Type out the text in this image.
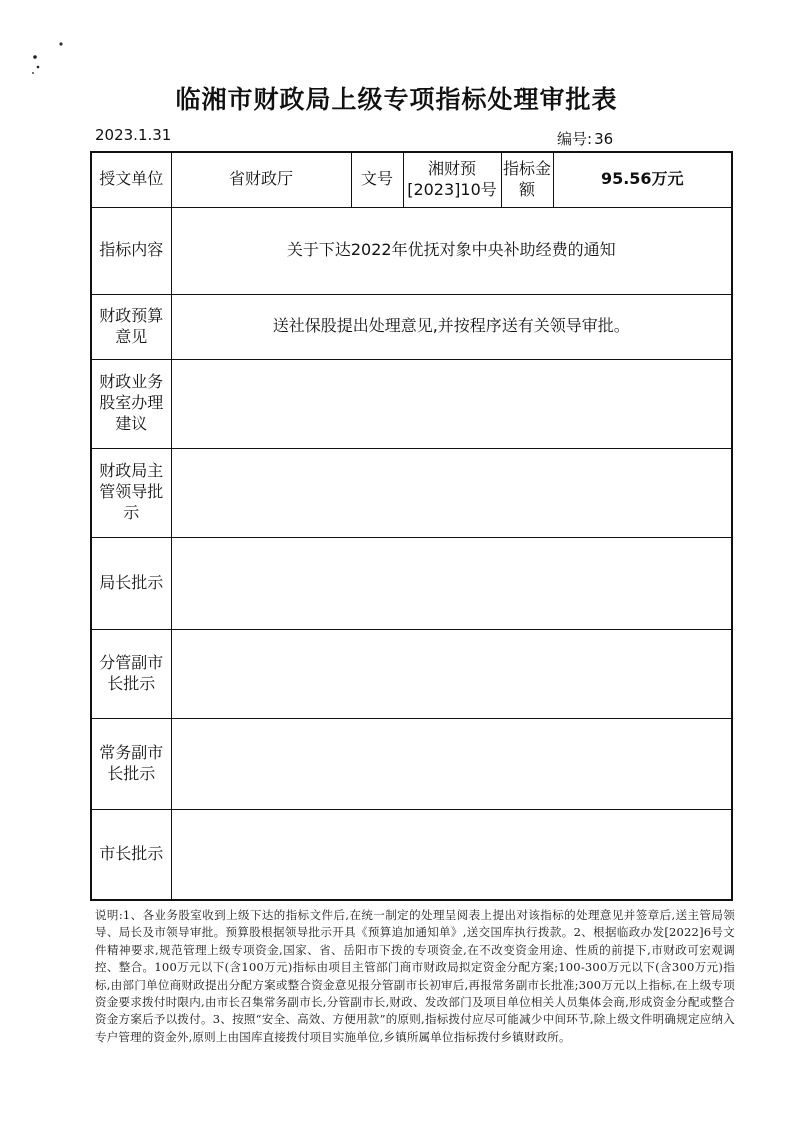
临湘市财政局上级专项指标处理审批表
2023.1.31	编号: 36
授文单位	省财政厅	文号	湘财预[2023]10号	指标金额	95.56万元
指标内容	关于下达2022年优抚对象中央补助经费的通知				
财政预算意见	送社保股提出处理意见,并按程序送有关领导审批。				
财政业务股室办理建议					
财政局主管领导批示					
局长批示					
分管副市长批示					
常务副市长批示					
市长批示					
说明:1、各业务股室收到上级下达的指标文件后,在统一制定的处理呈阅表上提出对该指标的处理意见并签章后,送主管局领导、局长及市领导审批。预算股根据领导批示开具《预算追加通知单》,送交国库执行拨款。2、根据临政办发[2022]6号文件精神要求,规范管理上级专项资金,国家、省、岳阳市下拨的专项资金,在不改变资金用途、性质的前提下,市财政可宏观调控、整合。100万元以下(含100万元)指标由项目主管部门商市财政局拟定资金分配方案;100-300万元以下(含300万元)指标,由部门单位商财政提出分配方案或整合资金意见报分管副市长初审后,再报常务副市长批准;300万元以上指标,在上级专项资金要求拨付时限内,由市长召集常务副市长,分管副市长,财政、发改部门及项目单位相关人员集体会商,形成资金分配或整合资金方案后予以拨付。3、按照“安全、高效、方便用款”的原则,指标拨付应尽可能减少中间环节,除上级文件明确规定应纳入专户管理的资金外,原则上由国库直接拨付项目实施单位,乡镇所属单位指标拨付乡镇财政所。
